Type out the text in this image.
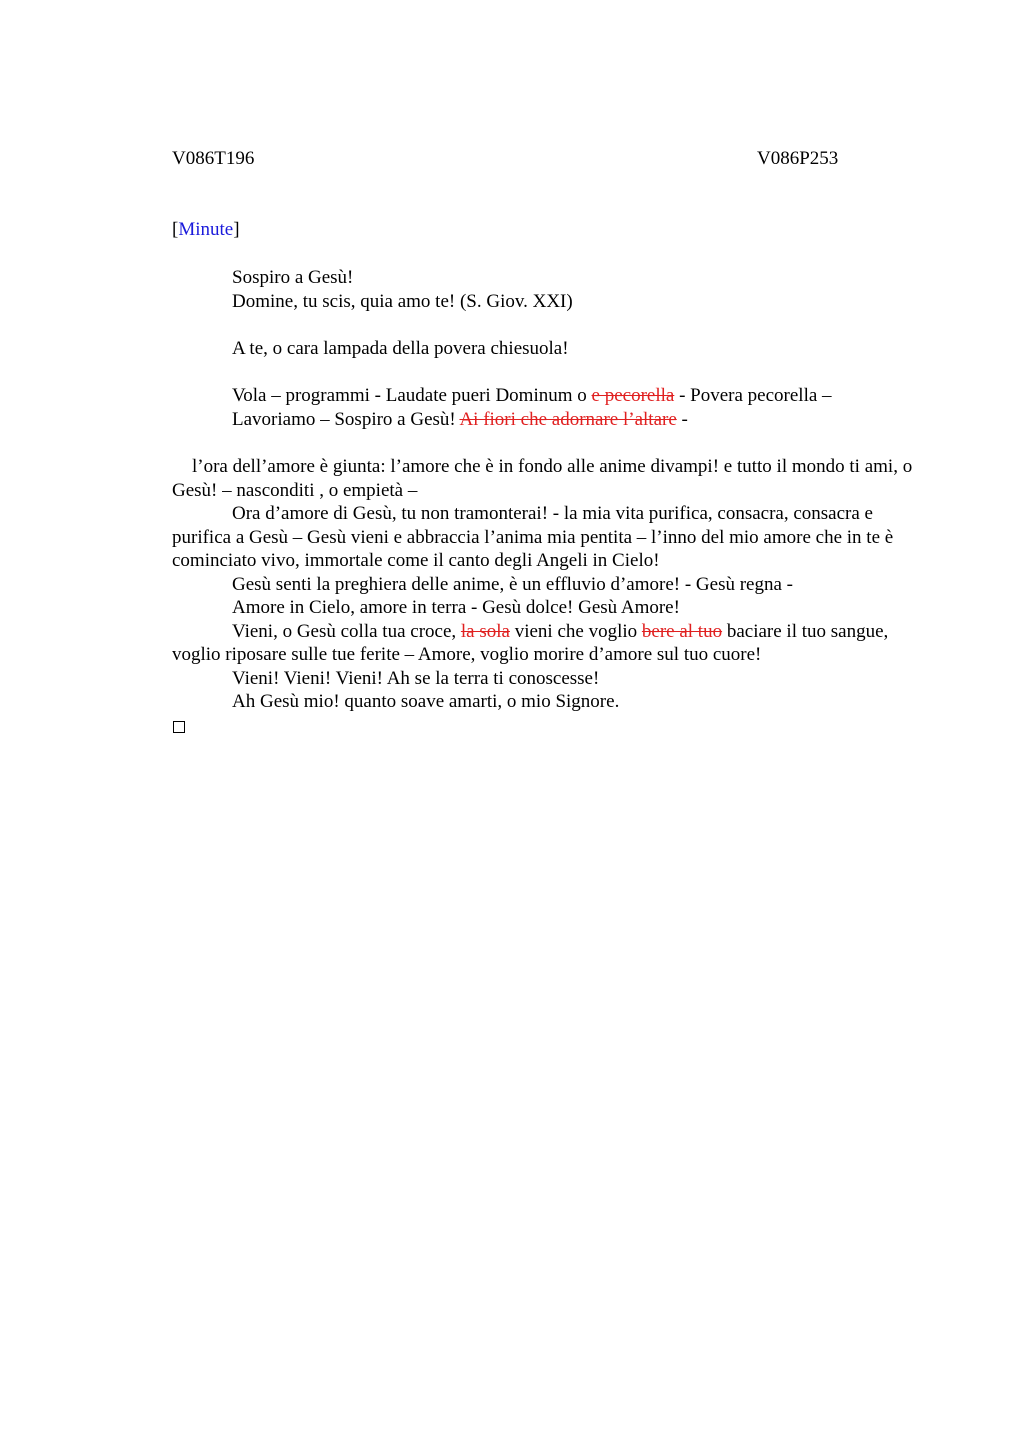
V086T196	V086P253
[Minute]
Sospiro a Gesù!
Domine, tu scis, quia amo te! (S. Giov. XXI)
A te, o cara lampada della povera chiesuola!
Vola – programmi - Laudate pueri Dominum o e pecorella - Povera pecorella –
Lavoriamo – Sospiro a Gesù! Ai fiori che adornare l’altare -
l’ora dell’amore è giunta: l’amore che è in fondo alle anime divampi! e tutto il mondo ti ami, o Gesù! – nasconditi , o empietà –
Ora d’amore di Gesù, tu non tramonterai! - la mia vita purifica, consacra, consacra e purifica a Gesù – Gesù vieni e abbraccia l’anima mia pentita – l’inno del mio amore che in te è cominciato vivo, immortale come il canto degli Angeli in Cielo!
Gesù senti la preghiera delle anime, è un effluvio d’amore! - Gesù regna -
Amore in Cielo, amore in terra - Gesù dolce! Gesù Amore!
Vieni, o Gesù colla tua croce, la sola vieni che voglio bere al tuo baciare il tuo sangue, voglio riposare sulle tue ferite – Amore, voglio morire d’amore sul tuo cuore!
Vieni! Vieni! Vieni! Ah se la terra ti conoscesse!
Ah Gesù mio! quanto soave amarti, o mio Signore.
